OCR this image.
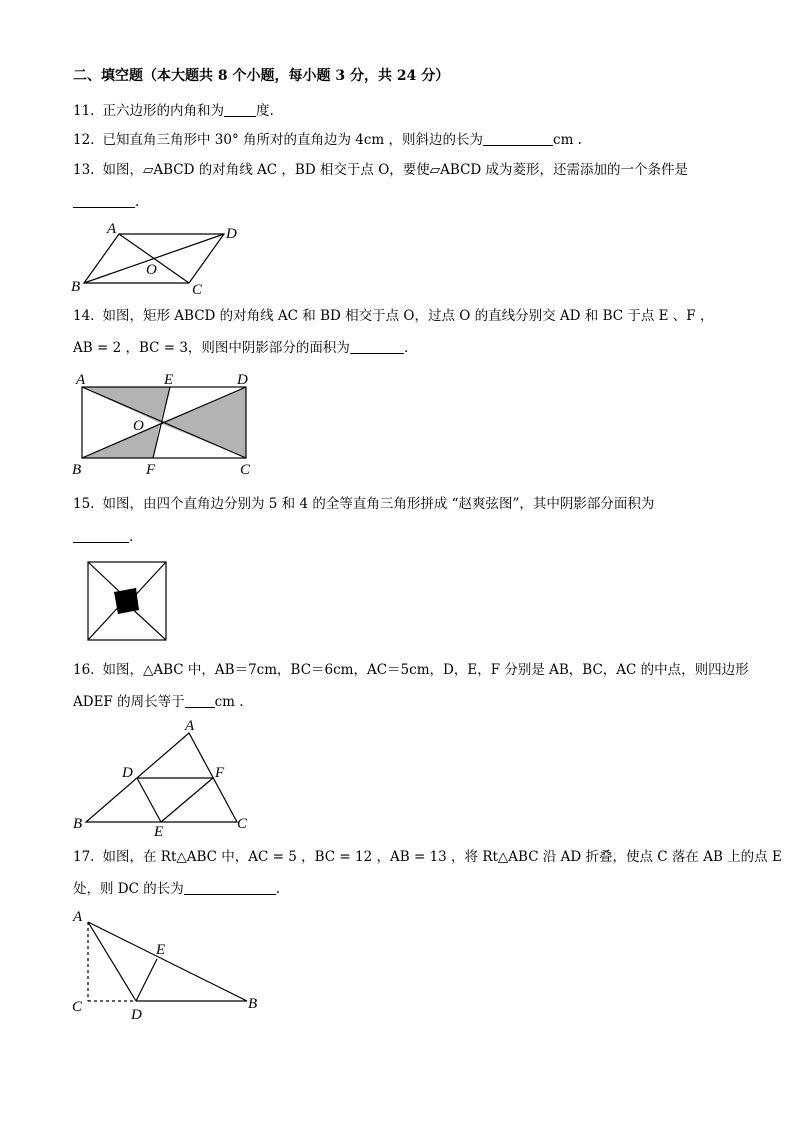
二、填空题（本大题共 8 个小题，每小题 3 分，共 24 分）
11. 正六边形的内角和为 度.
12. 已知直角三角形中 30° 角所对的直角边为 4cm ，则斜边的长为	cm .
13. 如图，▱ABCD 的对角线 AC ，BD 相交于点 O，要使▱ABCD 成为菱形，还需添加的一个条件是
.
A	D
B	C
O
14. 如图，矩形 ABCD 的对角线 AC 和 BD 相交于点 O，过点 O 的直线分别交 AD 和 BC 于点 E 、F ，
AB = 2 ，BC = 3，则图中阴影部分的面积为	.
A	E	D
O
B	F	C
15. 如图，由四个直角边分别为 5 和 4 的全等直角三角形拼成 “赵爽弦图”，其中阴影部分面积为
.
16. 如图，△ABC 中，AB＝7cm，BC＝6cm，AC＝5cm，D，E，F 分别是 AB，BC，AC 的中点，则四边形
ADEF 的周长等于 cm .
A
D	F
B	E	C
17. 如图，在 Rt△ABC 中，AC = 5 ，BC = 12 ，AB = 13 ，将 Rt△ABC 沿 AD 折叠，使点 C 落在 AB 上的点 E
处，则 DC 的长为	.
A
E
C	D
B
